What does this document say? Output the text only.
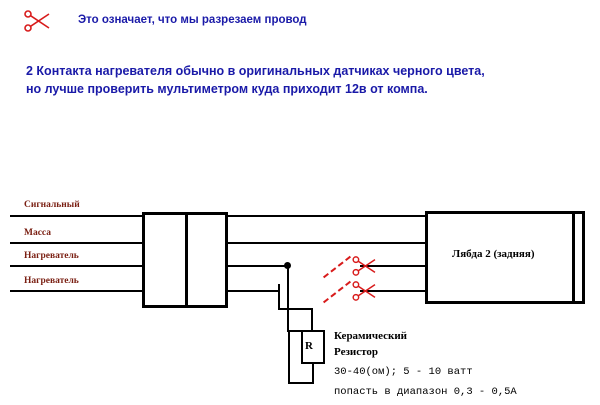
Это означает, что мы разрезаем провод
2 Контакта нагревателя обычно в оригинальных датчиках черного цвета,
но лучше проверить мультиметром куда приходит 12в от компа.
Сигнальный
Масса
Нагреватель
Нагреватель
R
Лябда 2 (задняя)
Керамический
Резистор
30-40(ом); 5 - 10 ватт
попасть в диапазон 0,3 - 0,5А
